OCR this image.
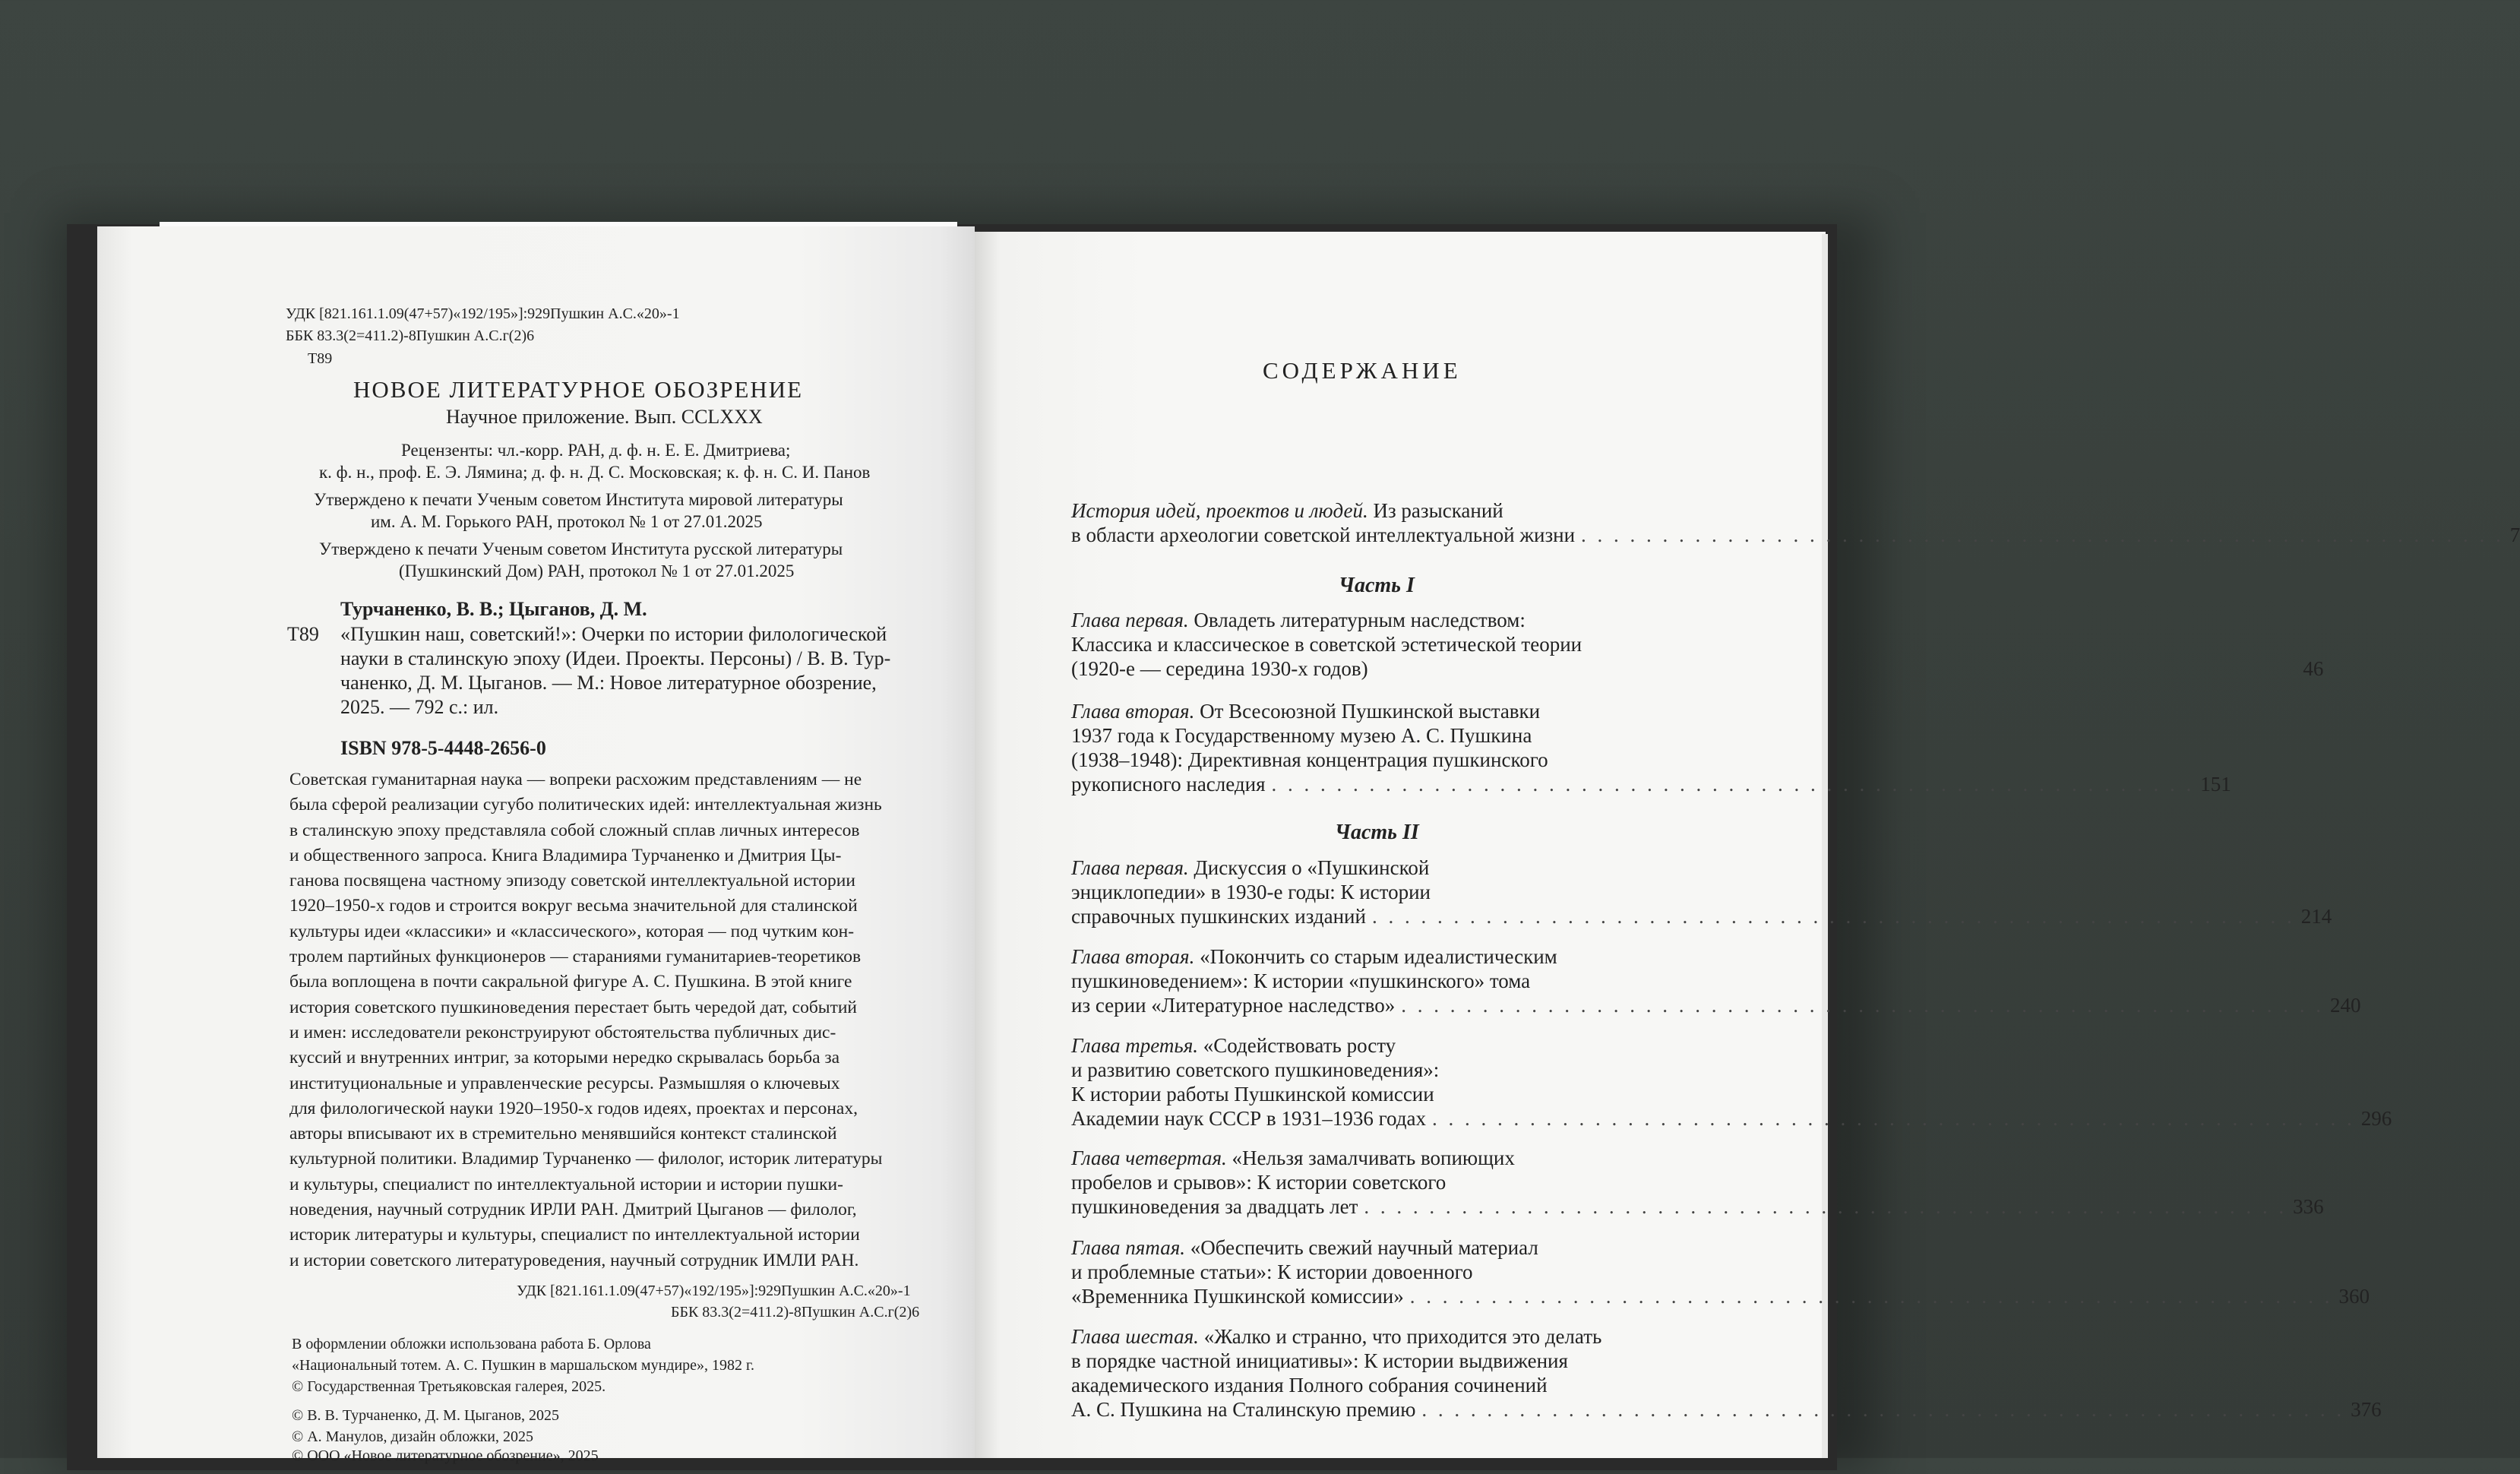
УДК [821.161.1.09(47+57)«192/195»]:929Пушкин А.С.«20»-1
ББК 83.3(2=411.2)-8Пушкин А.С.г(2)6
Т89
НОВОЕ ЛИТЕРАТУРНОЕ ОБОЗРЕНИЕ
Научное приложение. Вып. CCLXXX
Рецензенты: чл.-корр. РАН, д. ф. н. Е. Е. Дмитриева;
к. ф. н., проф. Е. Э. Лямина; д. ф. н. Д. С. Московская; к. ф. н. С. И. Панов
Утверждено к печати Ученым советом Института мировой литературы
им. А. М. Горького РАН, протокол № 1 от 27.01.2025
Утверждено к печати Ученым советом Института русской литературы
(Пушкинский Дом) РАН, протокол № 1 от 27.01.2025
Турчаненко, В. В.; Цыганов, Д. М.
Т89 «Пушкин наш, советский!»: Очерки по истории филологической
науки в сталинскую эпоху (Идеи. Проекты. Персоны) / В. В. Тур-
чаненко, Д. М. Цыганов. — М.: Новое литературное обозрение,
2025. — 792 с.: ил.
ISBN 978-5-4448-2656-0
Советская гуманитарная наука — вопреки расхожим представлениям — не
была сферой реализации сугубо политических идей: интеллектуальная жизнь
в сталинскую эпоху представляла собой сложный сплав личных интересов
и общественного запроса. Книга Владимира Турчаненко и Дмитрия Цы-
ганова посвящена частному эпизоду советской интеллектуальной истории
1920–1950-х годов и строится вокруг весьма значительной для сталинской
культуры идеи «классики» и «классического», которая — под чутким кон-
тролем партийных функционеров — стараниями гуманитариев-теоретиков
была воплощена в почти сакральной фигуре А. С. Пушкина. В этой книге
история советского пушкиноведения перестает быть чередой дат, событий
и имен: исследователи реконструируют обстоятельства публичных дис-
куссий и внутренних интриг, за которыми нередко скрывалась борьба за
институциональные и управленческие ресурсы. Размышляя о ключевых
для филологической науки 1920–1950-х годов идеях, проектах и персонах,
авторы вписывают их в стремительно менявшийся контекст сталинской
культурной политики. Владимир Турчаненко — филолог, историк литературы
и культуры, специалист по интеллектуальной истории и истории пушки-
новедения, научный сотрудник ИРЛИ РАН. Дмитрий Цыганов — филолог,
историк литературы и культуры, специалист по интеллектуальной истории
и истории советского литературоведения, научный сотрудник ИМЛИ РАН.
УДК [821.161.1.09(47+57)«192/195»]:929Пушкин А.С.«20»-1
ББК 83.3(2=411.2)-8Пушкин А.С.г(2)6
В оформлении обложки использована работа Б. Орлова
«Национальный тотем. А. С. Пушкин в маршальском мундире», 1982 г.
© Государственная Третьяковская галерея, 2025.
© В. В. Турчаненко, Д. М. Цыганов, 2025
© А. Манулов, дизайн обложки, 2025
© ООО «Новое литературное обозрение», 2025
СОДЕРЖАНИЕ
История идей, проектов и людей. Из разысканий
в области археологии советской интеллектуальной жизни . . . . . . . . . . . . . . . . . . . . . . . . . . . . . . . . . . . . . . . . . . . . . . . . . . . . . . . . . 7
Часть I
Глава первая. Овладеть литературным наследством:
Классика и классическое в советской эстетической теории
(1920-е — середина 1930-х годов)	46
Глава вторая. От Всесоюзной Пушкинской выставки
1937 года к Государственному музею А. С. Пушкина
(1938–1948): Директивная концентрация пушкинского
рукописного наследия . . . . . . . . . . . . . . . . . . . . . . . . . . . . . . . . . . . . . . . . . . . . . . . . . . . . . . . . . 151
Часть II
Глава первая. Дискуссия о «Пушкинской
энциклопедии» в 1930-е годы: К истории
справочных пушкинских изданий . . . . . . . . . . . . . . . . . . . . . . . . . . . . . . . . . . . . . . . . . . . . . . . . . . . . . . . . . 214
Глава вторая. «Покончить со старым идеалистическим
пушкиноведением»: К истории «пушкинского» тома
из серии «Литературное наследство» . . . . . . . . . . . . . . . . . . . . . . . . . . . . . . . . . . . . . . . . . . . . . . . . . . . . . . . . . 240
Глава третья. «Содействовать росту
и развитию советского пушкиноведения»:
К истории работы Пушкинской комиссии
Академии наук СССР в 1931–1936 годах . . . . . . . . . . . . . . . . . . . . . . . . . . . . . . . . . . . . . . . . . . . . . . . . . . . . . . . . . 296
Глава четвертая. «Нельзя замалчивать вопиющих
пробелов и срывов»: К истории советского
пушкиноведения за двадцать лет . . . . . . . . . . . . . . . . . . . . . . . . . . . . . . . . . . . . . . . . . . . . . . . . . . . . . . . . . 336
Глава пятая. «Обеспечить свежий научный материал
и проблемные статьи»: К истории довоенного
«Временника Пушкинской комиссии» . . . . . . . . . . . . . . . . . . . . . . . . . . . . . . . . . . . . . . . . . . . . . . . . . . . . . . . . . 360
Глава шестая. «Жалко и странно, что приходится это делать
в порядке частной инициативы»: К истории выдвижения
академического издания Полного собрания сочинений
А. С. Пушкина на Сталинскую премию . . . . . . . . . . . . . . . . . . . . . . . . . . . . . . . . . . . . . . . . . . . . . . . . . . . . . . . . . 376
